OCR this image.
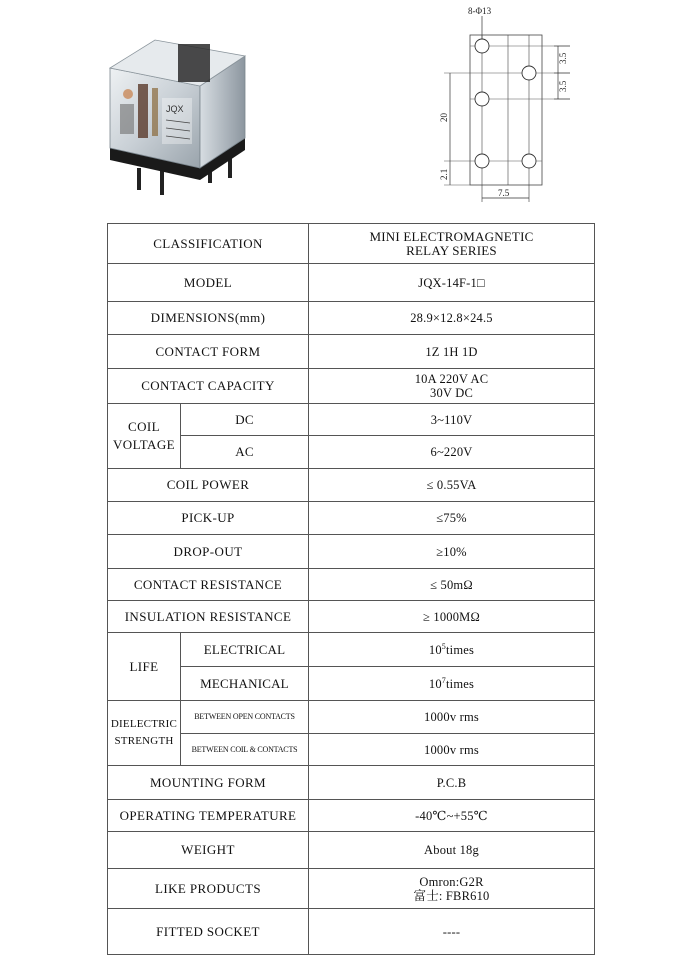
JQX
8-Φ13
3.5
3.5
20
2.1
7.5
CLASSIFICATION		MINI ELECTROMAGNETIC
RELAY SERIES

MODEL		JQX-14F-1□
DIMENSIONS(mm)		28.9×12.8×24.5
CONTACT FORM		1Z 1H 1D
CONTACT CAPACITY		10A 220V AC
30V DC

COIL
VOLTAGE	DC	3~110V
	AC	6~220V
COIL POWER		≤ 0.55VA
PICK-UP		≤75%
DROP-OUT		≥10%
CONTACT RESISTANCE		≤ 50mΩ
INSULATION RESISTANCE		≥ 1000MΩ
LIFE	ELECTRICAL	$10^5times$
	MECHANICAL	$10^7times$

DIELECTRIC
STRENGTH	BETWEEN OPEN CONTACTS	1000v rms
	BETWEEN COIL & CONTACTS	1000v rms
MOUNTING FORM		P.C.B
OPERATING TEMPERATURE		-40℃~+55℃
WEIGHT		About 18g
LIKE PRODUCTS		Omron:G2R
富士: FBR610

FITTED SOCKET		----
